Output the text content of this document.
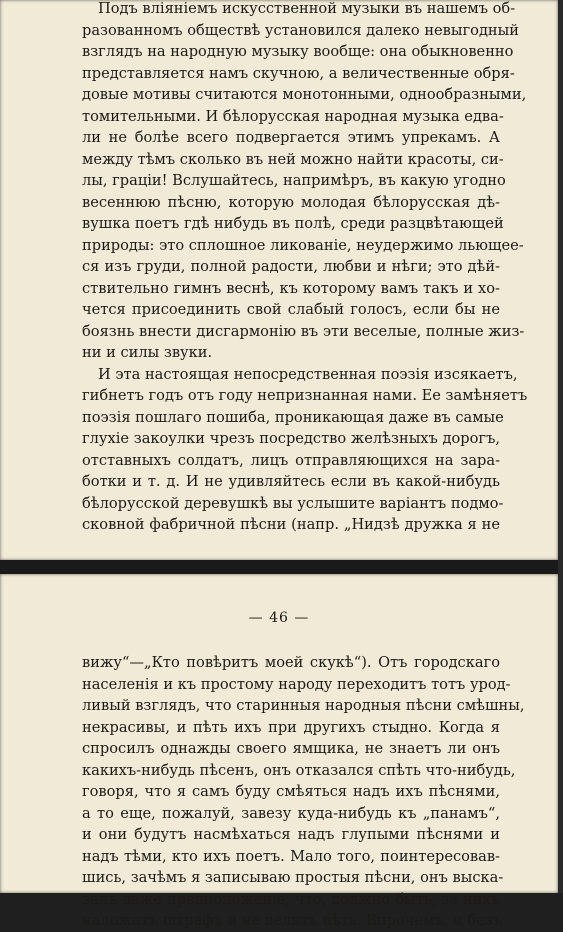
Подъ вліяніемъ искусственной музыки въ нашемъ об-
разованномъ обществѣ установился далеко невыгодный
взглядъ на народную музыку вообще: она обыкновенно
представляется намъ скучною, а величественные обря-
довые мотивы считаются монотонными, однообразными,
томительными. И бѣлорусская народная музыка едва-
ли не болѣе всего подвергается этимъ упрекамъ. А
между тѣмъ сколько въ ней можно найти красоты, си-
лы, граціи! Вслушайтесь, напримѣръ, въ какую угодно
весеннюю пѣсню, которую молодая бѣлорусская дѣ-
вушка поетъ гдѣ нибудь въ полѣ, среди разцвѣтающей
природы: это сплошное ликованіе, неудержимо льющее-
ся изъ груди, полной радости, любви и нѣги; это дѣй-
ствительно гимнъ веснѣ, къ которому вамъ такъ и хо-
чется присоединить свой слабый голосъ, если бы не
боязнь внести дисгармонію въ эти веселые, полные жиз-
ни и силы звуки.
И эта настоящая непосредственная поэзія изсякаетъ,
гибнетъ годъ отъ году непризнанная нами. Ее замѣняетъ
поэзія пошлаго пошиба, проникающая даже въ самые
глухіе закоулки чрезъ посредство желѣзныхъ дорогъ,
отставныхъ солдатъ, лицъ отправляющихся на зара-
ботки и т. д. И не удивляйтесь если въ какой-нибудь
бѣлорусской деревушкѣ вы услышите варіантъ подмо-
сковной фабричной пѣсни (напр. „Нидзѣ дружка я не
— 46 —
вижу“—„Кто повѣритъ моей скукѣ“). Отъ городскаго
населенія и къ простому народу переходитъ тотъ урод-
ливый взглядъ, что старинныя народныя пѣсни смѣшны,
некрасивы, и пѣть ихъ при другихъ стыдно. Когда я
спросилъ однажды своего ямщика, не знаетъ ли онъ
какихъ-нибудь пѣсенъ, онъ отказался спѣть что-нибудь,
говоря, что я самъ буду смѣяться надъ ихъ пѣснями,
а то еще, пожалуй, завезу куда-нибудь къ „панамъ“,
и они будутъ насмѣхаться надъ глупыми пѣснями и
надъ тѣми, кто ихъ поетъ. Мало того, поинтересовав-
шись, зачѣмъ я записываю простыя пѣсни, онъ выска-
залъ даже предположеніе, что, должно быть, за нихъ
наложатъ штрафъ и не велятъ пѣть. Впрочемъ, и безъ
